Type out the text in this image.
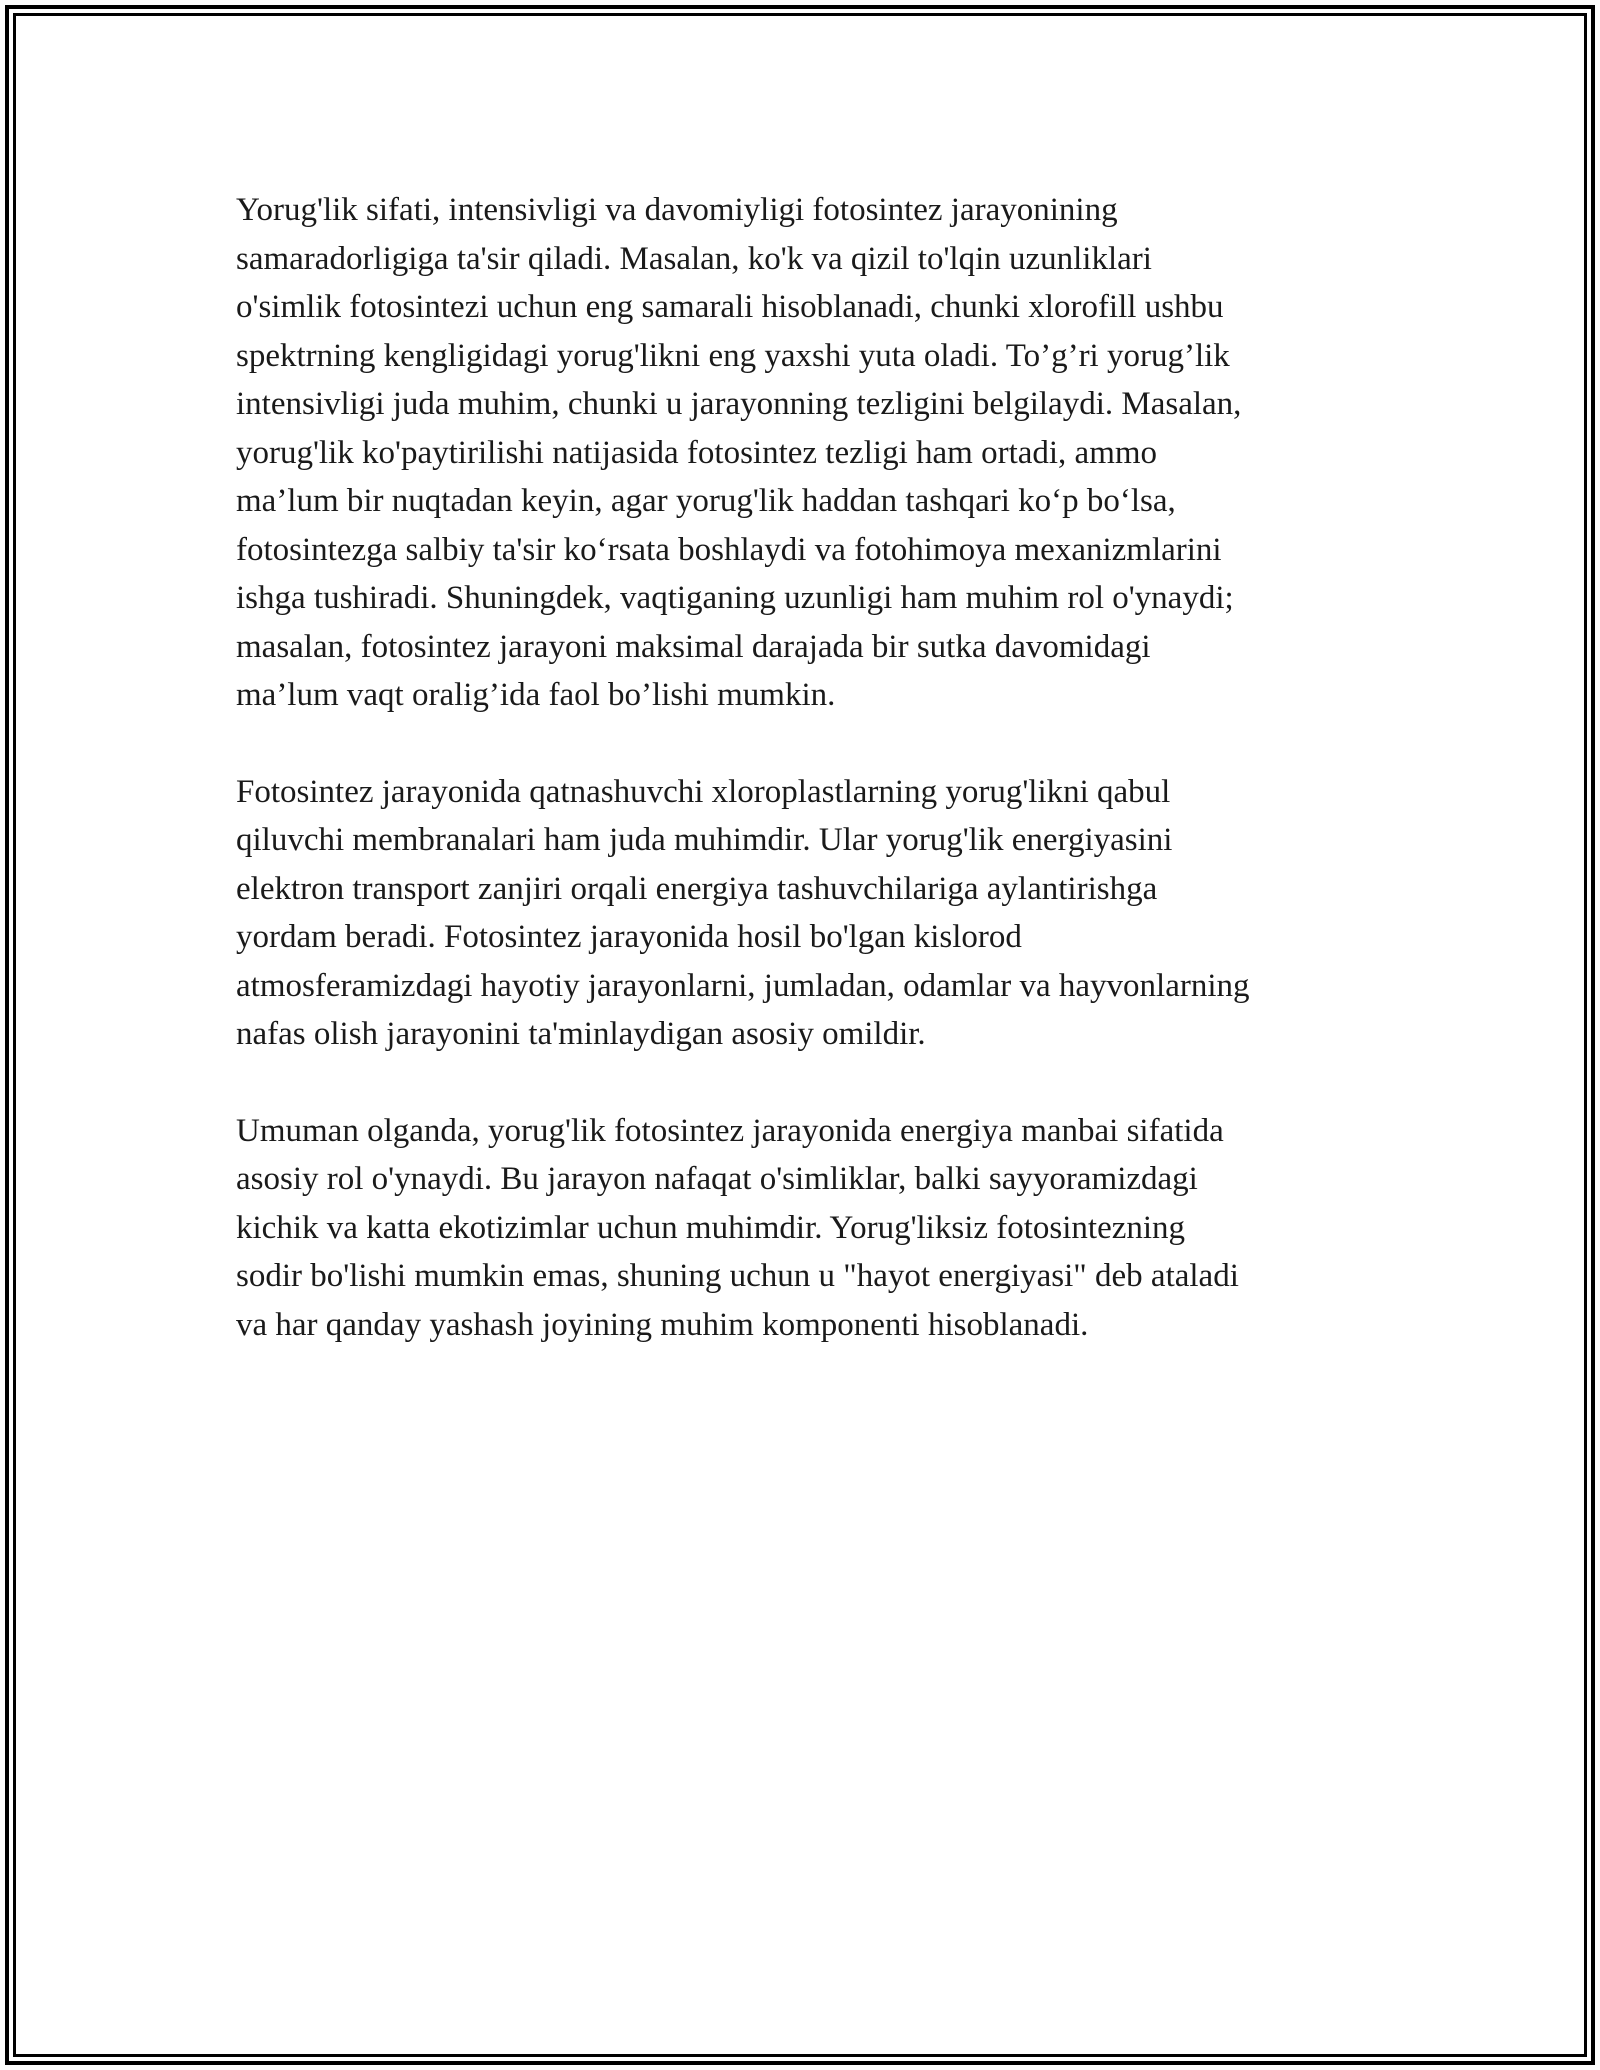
Yorug'lik sifati, intensivligi va davomiyligi fotosintez jarayonining
samaradorligiga ta'sir qiladi. Masalan, ko'k va qizil to'lqin uzunliklari
o'simlik fotosintezi uchun eng samarali hisoblanadi, chunki xlorofill ushbu
spektrning kengligidagi yorug'likni eng yaxshi yuta oladi. To’g’ri yorug’lik
intensivligi juda muhim, chunki u jarayonning tezligini belgilaydi. Masalan,
yorug'lik ko'paytirilishi natijasida fotosintez tezligi ham ortadi, ammo
ma’lum bir nuqtadan keyin, agar yorug'lik haddan tashqari ko‘p bo‘lsa,
fotosintezga salbiy ta'sir ko‘rsata boshlaydi va fotohimoya mexanizmlarini
ishga tushiradi. Shuningdek, vaqtiganing uzunligi ham muhim rol o'ynaydi;
masalan, fotosintez jarayoni maksimal darajada bir sutka davomidagi
ma’lum vaqt oralig’ida faol bo’lishi mumkin.

Fotosintez jarayonida qatnashuvchi xloroplastlarning yorug'likni qabul
qiluvchi membranalari ham juda muhimdir. Ular yorug'lik energiyasini
elektron transport zanjiri orqali energiya tashuvchilariga aylantirishga
yordam beradi. Fotosintez jarayonida hosil bo'lgan kislorod
atmosferamizdagi hayotiy jarayonlarni, jumladan, odamlar va hayvonlarning
nafas olish jarayonini ta'minlaydigan asosiy omildir.

Umuman olganda, yorug'lik fotosintez jarayonida energiya manbai sifatida
asosiy rol o'ynaydi. Bu jarayon nafaqat o'simliklar, balki sayyoramizdagi
kichik va katta ekotizimlar uchun muhimdir. Yorug'liksiz fotosintezning
sodir bo'lishi mumkin emas, shuning uchun u "hayot energiyasi" deb ataladi
va har qanday yashash joyining muhim komponenti hisoblanadi.
